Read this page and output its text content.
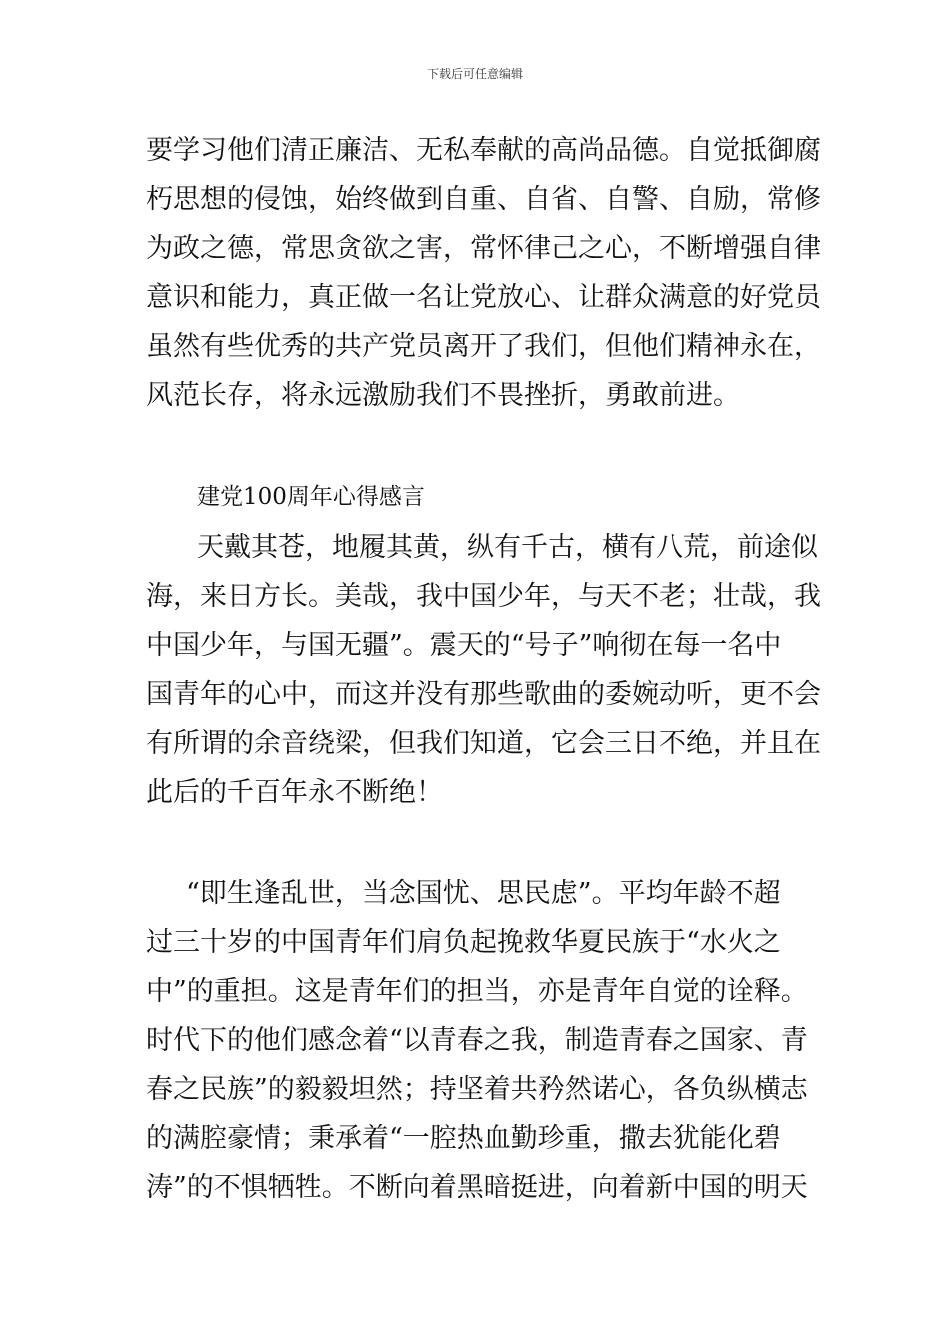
下载后可任意编辑
要学习他们清正廉洁、无私奉献的高尚品德。自觉抵御腐
朽思想的侵蚀，始终做到自重、自省、自警、自励，常修
为政之德，常思贪欲之害，常怀律己之心，不断增强自律
意识和能力，真正做一名让党放心、让群众满意的好党员
虽然有些优秀的共产党员离开了我们，但他们精神永在，
风范长存，将永远激励我们不畏挫折，勇敢前进。
建党100周年心得感言
天戴其苍，地履其黄，纵有千古，横有八荒，前途似
海，来日方长。美哉，我中国少年，与天不老；壮哉，我
中国少年，与国无疆”。震天的“号子”响彻在每一名中
国青年的心中，而这并没有那些歌曲的委婉动听，更不会
有所谓的余音绕梁，但我们知道，它会三日不绝，并且在
此后的千百年永不断绝！
“即生逢乱世，当念国忧、思民虑”。平均年龄不超
过三十岁的中国青年们肩负起挽救华夏民族于“水火之
中”的重担。这是青年们的担当，亦是青年自觉的诠释。
时代下的他们感念着“以青春之我，制造青春之国家、青
春之民族”的毅毅坦然；持坚着共矜然诺心，各负纵横志
的满腔豪情；秉承着“一腔热血勤珍重，撒去犹能化碧
涛”的不惧牺牲。不断向着黑暗挺进，向着新中国的明天
